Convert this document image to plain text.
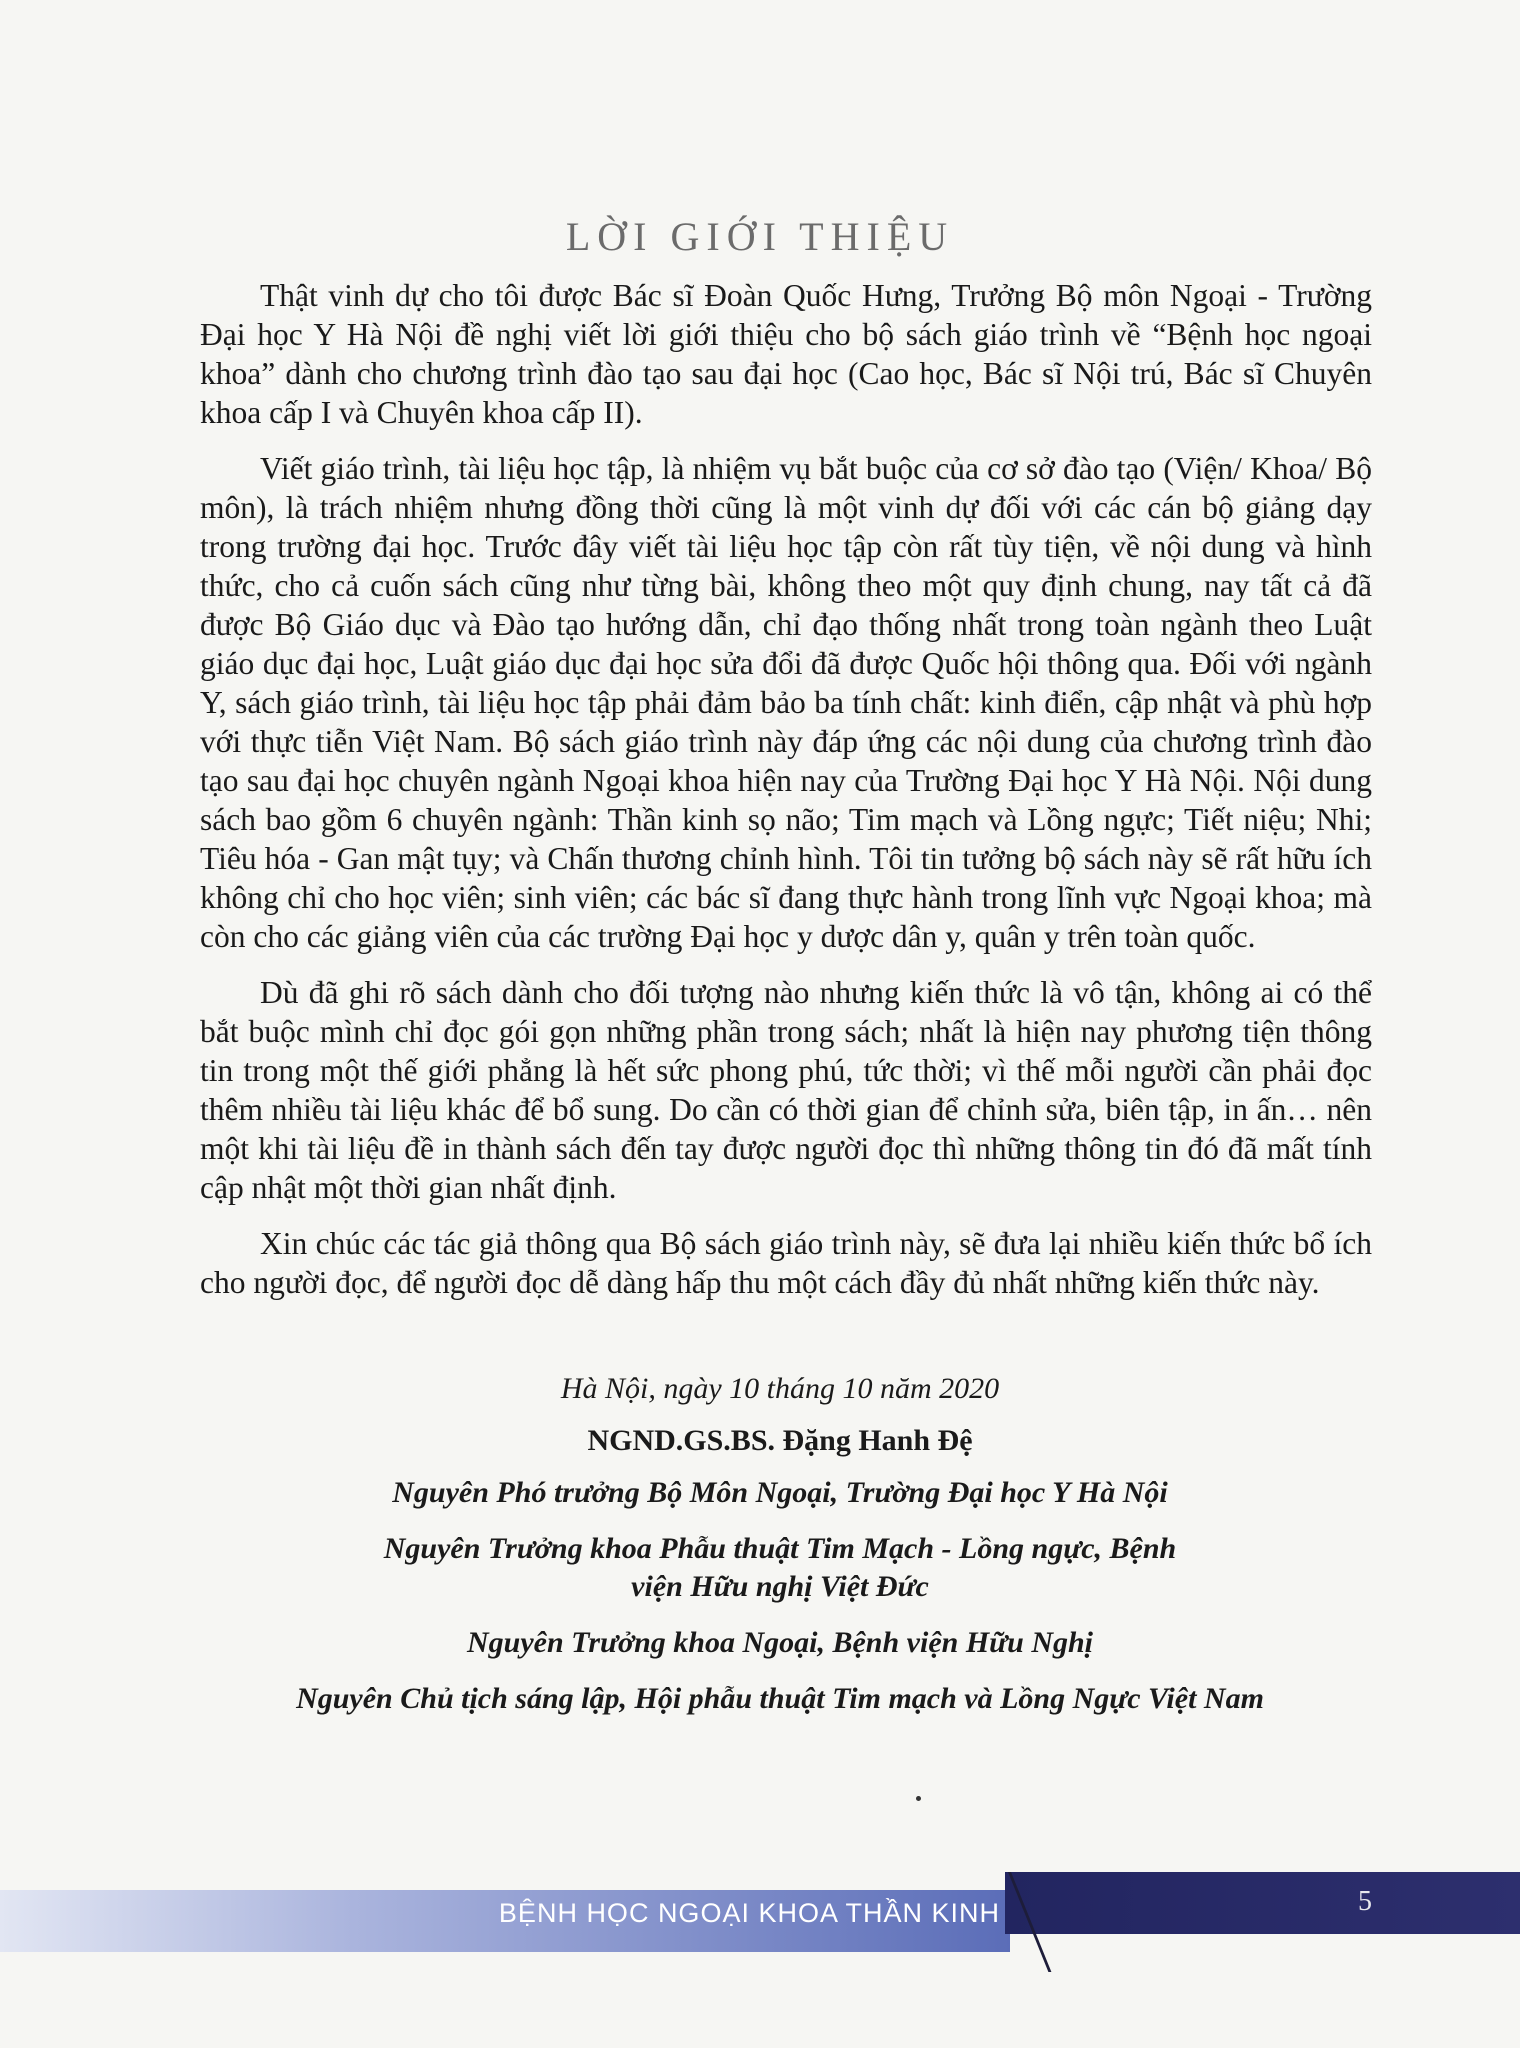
LỜI GIỚI THIỆU

Thật vinh dự cho tôi được Bác sĩ Đoàn Quốc Hưng, Trưởng Bộ môn Ngoại - Trường Đại học Y Hà Nội đề nghị viết lời giới thiệu cho bộ sách giáo trình về “Bệnh học ngoại khoa” dành cho chương trình đào tạo sau đại học (Cao học, Bác sĩ Nội trú, Bác sĩ Chuyên khoa cấp I và Chuyên khoa cấp II).

Viết giáo trình, tài liệu học tập, là nhiệm vụ bắt buộc của cơ sở đào tạo (Viện/ Khoa/ Bộ môn), là trách nhiệm nhưng đồng thời cũng là một vinh dự đối với các cán bộ giảng dạy trong trường đại học. Trước đây viết tài liệu học tập còn rất tùy tiện, về nội dung và hình thức, cho cả cuốn sách cũng như từng bài, không theo một quy định chung, nay tất cả đã được Bộ Giáo dục và Đào tạo hướng dẫn, chỉ đạo thống nhất trong toàn ngành theo Luật giáo dục đại học, Luật giáo dục đại học sửa đổi đã được Quốc hội thông qua. Đối với ngành Y, sách giáo trình, tài liệu học tập phải đảm bảo ba tính chất: kinh điển, cập nhật và phù hợp với thực tiễn Việt Nam. Bộ sách giáo trình này đáp ứng các nội dung của chương trình đào tạo sau đại học chuyên ngành Ngoại khoa hiện nay của Trường Đại học Y Hà Nội. Nội dung sách bao gồm 6 chuyên ngành: Thần kinh sọ não; Tim mạch và Lồng ngực; Tiết niệu; Nhi; Tiêu hóa - Gan mật tụy; và Chấn thương chỉnh hình. Tôi tin tưởng bộ sách này sẽ rất hữu ích không chỉ cho học viên; sinh viên; các bác sĩ đang thực hành trong lĩnh vực Ngoại khoa; mà còn cho các giảng viên của các trường Đại học y dược dân y, quân y trên toàn quốc.

Dù đã ghi rõ sách dành cho đối tượng nào nhưng kiến thức là vô tận, không ai có thể bắt buộc mình chỉ đọc gói gọn những phần trong sách; nhất là hiện nay phương tiện thông tin trong một thế giới phẳng là hết sức phong phú, tức thời; vì thế mỗi người cần phải đọc thêm nhiều tài liệu khác để bổ sung. Do cần có thời gian để chỉnh sửa, biên tập, in ấn… nên một khi tài liệu đề in thành sách đến tay được người đọc thì những thông tin đó đã mất tính cập nhật một thời gian nhất định.

Xin chúc các tác giả thông qua Bộ sách giáo trình này, sẽ đưa lại nhiều kiến thức bổ ích cho người đọc, để người đọc dễ dàng hấp thu một cách đầy đủ nhất những kiến thức này.

Hà Nội, ngày 10 tháng 10 năm 2020
NGND.GS.BS. Đặng Hanh Đệ
Nguyên Phó trưởng Bộ Môn Ngoại, Trường Đại học Y Hà Nội
Nguyên Trưởng khoa Phẫu thuật Tim Mạch - Lồng ngực, Bệnh viện Hữu nghị Việt Đức
Nguyên Trưởng khoa Ngoại, Bệnh viện Hữu Nghị
Nguyên Chủ tịch sáng lập, Hội phẫu thuật Tim mạch và Lồng Ngực Việt Nam
BỆNH HỌC NGOẠI KHOA THẦN KINH	5
